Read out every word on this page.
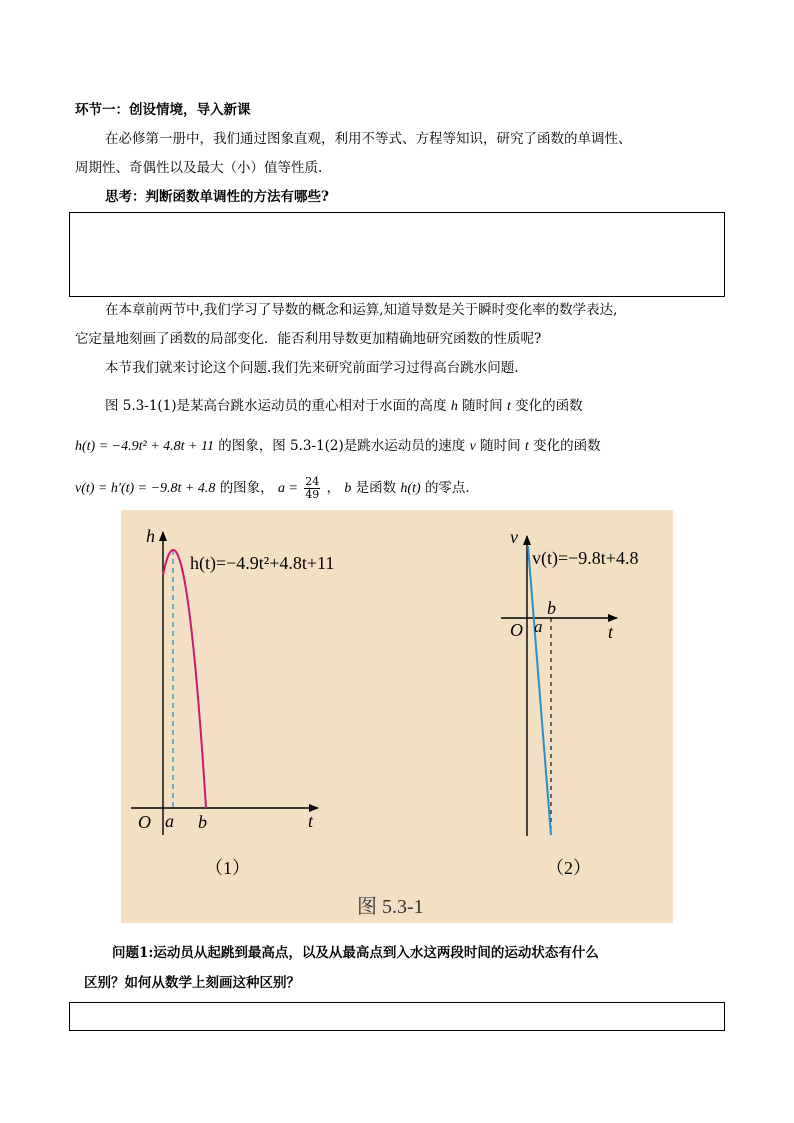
环节一：创设情境，导入新课
在必修第一册中，我们通过图象直观，利用不等式、方程等知识，研究了函数的单调性、
周期性、奇偶性以及最大（小）值等性质.
思考：判断函数单调性的方法有哪些?
在本章前两节中,我们学习了导数的概念和运算,知道导数是关于瞬时变化率的数学表达,
它定量地刻画了函数的局部变化．能否利用导数更加精确地研究函数的性质呢?
本节我们就来讨论这个问题.我们先来研究前面学习过得高台跳水问题.
图 5.3-1(1)是某高台跳水运动员的重心相对于水面的高度 h 随时间 t 变化的函数
h(t) = −4.9t² + 4.8t + 11 的图象，图 5.3-1(2)是跳水运动员的速度 v 随时间 t 变化的函数
v(t) = h′(t) = −9.8t + 4.8 的图象， $a = \frac{24}{49}$ ， b 是函数 h(t) 的零点.
h
t
O a b
h(t)=−4.9t²+4.8t+11
（1）
v
t
O a
b
v(t)=−9.8t+4.8
（2）
图 5.3-1
问题1:运动员从起跳到最高点，以及从最高点到入水这两段时间的运动状态有什么
区别？如何从数学上刻画这种区别？
